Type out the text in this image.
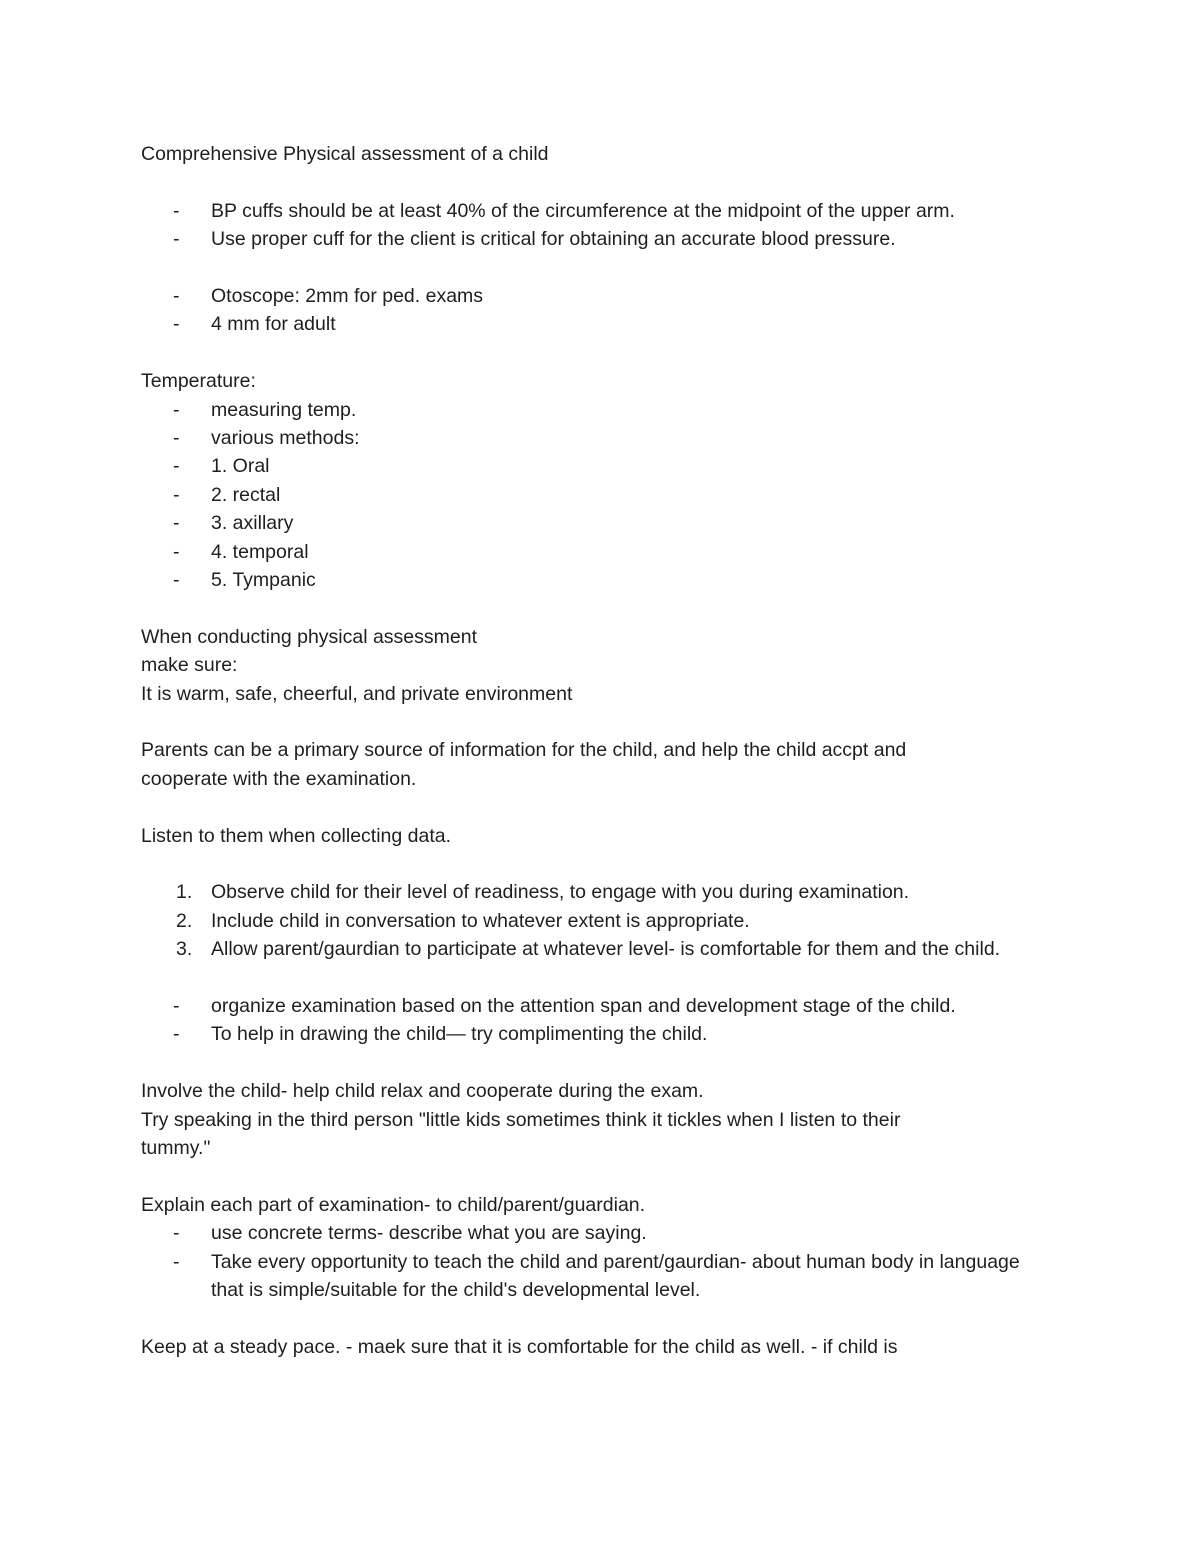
Comprehensive Physical assessment of a child
-	BP cuffs should be at least 40% of the circumference at the midpoint of the upper arm.
-	Use proper cuff for the client is critical for obtaining an accurate blood pressure.
-	Otoscope: 2mm for ped. exams
-	4 mm for adult
Temperature:
-	measuring temp.
-	various methods:
-	1. Oral
-	2. rectal
-	3. axillary
-	4. temporal
-	5. Tympanic
When conducting physical assessment
make sure:
It is warm, safe, cheerful, and private environment
Parents can be a primary source of information for the child, and help the child accpt and
cooperate with the examination.
Listen to them when collecting data.
1. Observe child for their level of readiness, to engage with you during examination.
2. Include child in conversation to whatever extent is appropriate.
3. Allow parent/gaurdian to participate at whatever level- is comfortable for them and the child.
-	organize examination based on the attention span and development stage of the child.
-	To help in drawing the child— try complimenting the child.
Involve the child- help child relax and cooperate during the exam.
Try speaking in the third person "little kids sometimes think it tickles when I listen to their
tummy."
Explain each part of examination- to child/parent/guardian.
-	use concrete terms- describe what you are saying.
-	Take every opportunity to teach the child and parent/gaurdian- about human body in language that is simple/suitable for the child's developmental level.
Keep at a steady pace. - maek sure that it is comfortable for the child as well. - if child is
